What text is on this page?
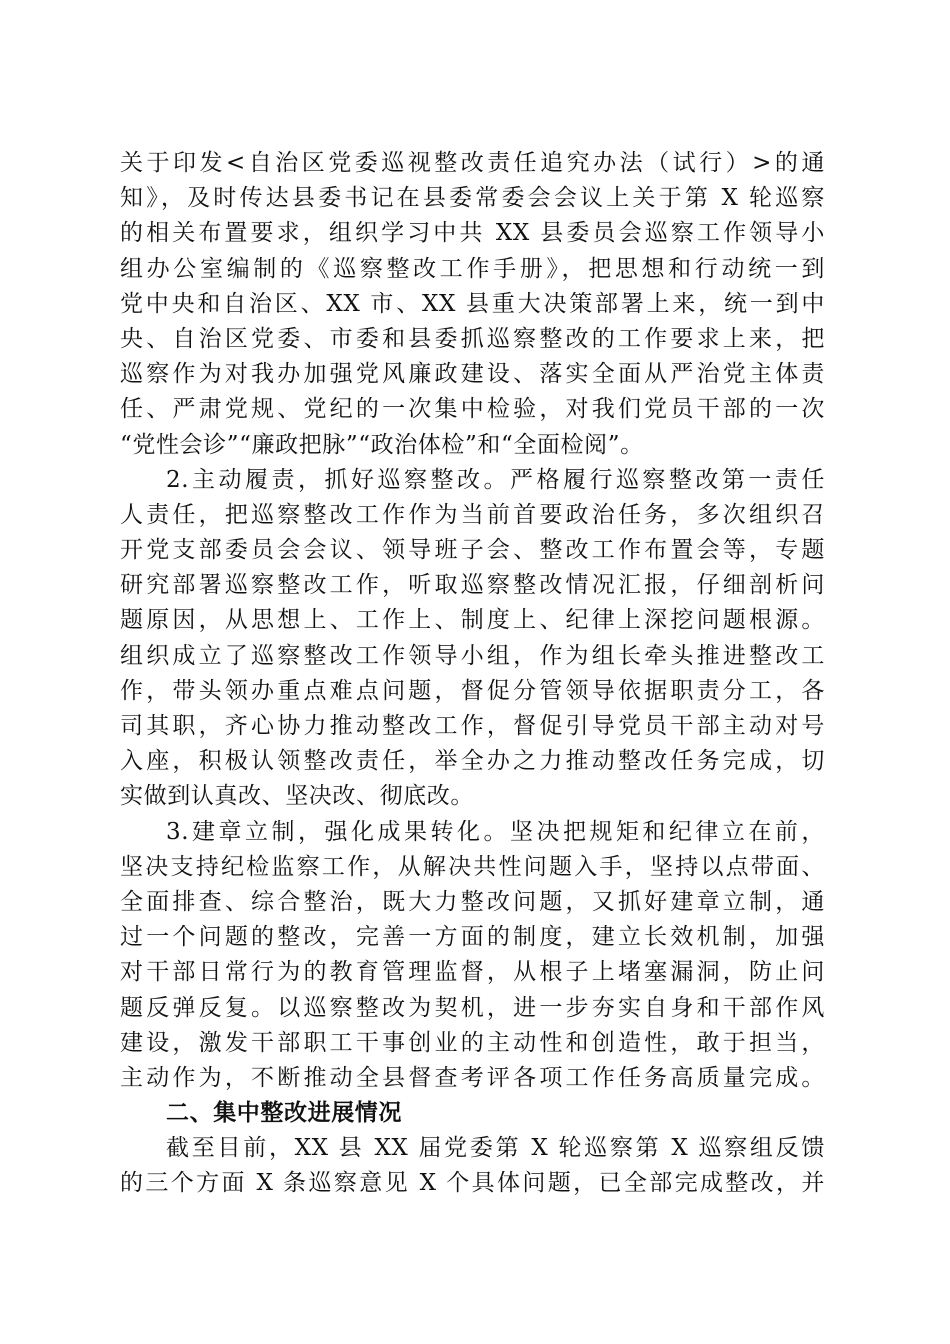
关于印发<自治区党委巡视整改责任追究办法（试行）>的通
知》，及时传达县委书记在县委常委会会议上关于第 X 轮巡察
的相关布置要求，组织学习中共 XX 县委员会巡察工作领导小
组办公室编制的《巡察整改工作手册》，把思想和行动统一到
党中央和自治区、XX 市、XX 县重大决策部署上来，统一到中
央、自治区党委、市委和县委抓巡察整改的工作要求上来，把
巡察作为对我办加强党风廉政建设、落实全面从严治党主体责
任、严肃党规、党纪的一次集中检验，对我们党员干部的一次
“党性会诊”“廉政把脉”“政治体检”和“全面检阅”。
2.主动履责，抓好巡察整改。严格履行巡察整改第一责任
人责任，把巡察整改工作作为当前首要政治任务，多次组织召
开党支部委员会会议、领导班子会、整改工作布置会等，专题
研究部署巡察整改工作，听取巡察整改情况汇报，仔细剖析问
题原因，从思想上、工作上、制度上、纪律上深挖问题根源。
组织成立了巡察整改工作领导小组，作为组长牵头推进整改工
作，带头领办重点难点问题，督促分管领导依据职责分工，各
司其职，齐心协力推动整改工作，督促引导党员干部主动对号
入座，积极认领整改责任，举全办之力推动整改任务完成，切
实做到认真改、坚决改、彻底改。
3.建章立制，强化成果转化。坚决把规矩和纪律立在前，
坚决支持纪检监察工作，从解决共性问题入手，坚持以点带面、
全面排查、综合整治，既大力整改问题，又抓好建章立制，通
过一个问题的整改，完善一方面的制度，建立长效机制，加强
对干部日常行为的教育管理监督，从根子上堵塞漏洞，防止问
题反弹反复。以巡察整改为契机，进一步夯实自身和干部作风
建设，激发干部职工干事创业的主动性和创造性，敢于担当，
主动作为，不断推动全县督查考评各项工作任务高质量完成。
二、集中整改进展情况
截至目前，XX 县 XX 届党委第 X 轮巡察第 X 巡察组反馈
的三个方面 X 条巡察意见 X 个具体问题，已全部完成整改，并
